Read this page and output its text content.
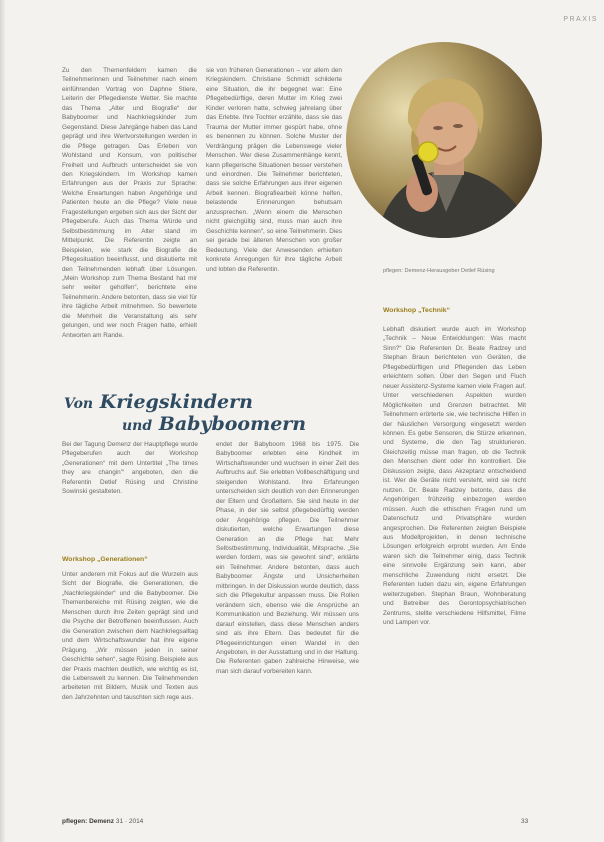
PRAXIS

Zu den Themenfeldern kamen die Teilnehmerinnen und Teilnehmer nach einem einführenden Vortrag von Daphne Stiere, Leiterin der Pflegedienste Wetter. Sie machte das Thema „Alter und Biografie“ der Babyboomer und Nachkriegskinder zum Gegenstand. Diese Jahrgänge haben das Land geprägt und ihre Wertvorstellungen werden in die Pflege getragen. Das Erleben von Wohlstand und Konsum, von politischer Freiheit und Aufbruch unterscheidet sie von den Kriegskindern. Im Workshop kamen Erfahrungen aus der Praxis zur Sprache: Welche Erwartungen haben Angehörige und Patienten heute an die Pflege? Viele neue Fragestellungen ergeben sich aus der Sicht der Pflegeberufe. Auch das Thema Würde und Selbstbestimmung im Alter stand im Mittelpunkt. Die Referentin zeigte an Beispielen, wie stark die Biografie die Pflegesituation beeinflusst, und diskutierte mit den Teilnehmenden lebhaft über Lösungen. „Mein Workshop zum Thema Bestand hat mir sehr weiter geholfen“, berichtete eine Teilnehmerin. Andere betonten, dass sie viel für ihre tägliche Arbeit mitnehmen. So bewertete die Mehrheit die Veranstaltung als sehr gelungen, und wer noch Fragen hatte, erhielt Antworten am Rande.

sie von früheren Generationen – vor allem den Kriegskindern. Christiane Schmidt schilderte eine Situation, die ihr begegnet war: Eine Pflegebedürftige, deren Mutter im Krieg zwei Kinder verloren hatte, schwieg jahrelang über das Erlebte. Ihre Tochter erzählte, dass sie das Trauma der Mutter immer gespürt habe, ohne es benennen zu können. Solche Muster der Verdrängung prägen die Lebenswege vieler Menschen. Wer diese Zusammenhänge kennt, kann pflegerische Situationen besser verstehen und einordnen. Die Teilnehmer berichteten, dass sie solche Erfahrungen aus ihrer eigenen Arbeit kennen. Biografiearbeit könne helfen, belastende Erinnerungen behutsam anzusprechen. „Wenn einem die Menschen nicht gleichgültig sind, muss man auch ihre Geschichte kennen“, so eine Teilnehmerin. Dies sei gerade bei älteren Menschen von großer Bedeutung. Viele der Anwesenden erhielten konkrete Anregungen für ihre tägliche Arbeit und lobten die Referentin.	pflegen: Demenz-Herausgeber Detlef Rüsing

Workshop „Technik“

Lebhaft diskutiert wurde auch im Workshop „Technik – Neue Entwicklungen: Was macht Sinn?“ Die Referenten Dr. Beate Radzey und Stephan Braun berichteten von Geräten, die Pflegebedürftigen und Pflegenden das Leben erleichtern sollen. Über den Segen und Fluch neuer Assistenz-Systeme kamen viele Fragen auf. Unter verschiedenen Aspekten wurden Möglichkeiten und Grenzen betrachtet. Mit Teilnehmern erörterte sie, wie technische Hilfen in der häuslichen Versorgung eingesetzt werden können. Es gebe Sensoren, die Stürze erkennen, und Systeme, die den Tag strukturieren. Gleichzeitig müsse man fragen, ob die Technik den Menschen dient oder ihn kontrolliert. Die Diskussion zeigte, dass Akzeptanz entscheidend ist. Wer die Geräte nicht versteht, wird sie nicht nutzen. Dr. Beate Radzey betonte, dass die Angehörigen frühzeitig einbezogen werden müssen. Auch die ethischen Fragen rund um Datenschutz und Privatsphäre wurden angesprochen. Die Referenten zeigten Beispiele aus Modellprojekten, in denen technische Lösungen erfolgreich erprobt wurden. Am Ende waren sich die Teilnehmer einig, dass Technik eine sinnvolle Ergänzung sein kann, aber menschliche Zuwendung nicht ersetzt. Die Referenten luden dazu ein, eigene Erfahrungen weiterzugeben. Stephan Braun, Wohnberatung und Betreiber des Gerontopsychiatrischen Zentrums, stellte verschiedene Hilfsmittel, Filme und Lampen vor.

Von Kriegskindern
und Babyboomern

Bei der Tagung Demenz der Hauptpflege wurde Pflegeberufen auch der Workshop „Generationen“ mit dem Untertitel „The times they are changin’“ angeboten, den die Referentin Detlef Rüsing und Christine Sowinski gestalteten.

Workshop „Generationen“

Unter anderem mit Fokus auf die Wurzeln aus Sicht der Biografie, die Generationen, die „Nachkriegskinder“ und die Babyboomer. Die Themenbereiche mit Rüsing zeigten, wie die Menschen durch ihre Zeiten geprägt sind und die Psyche der Betroffenen beeinflussen. Auch die Generation zwischen dem Nachkriegsalltag und dem Wirtschaftswunder hat ihre eigene Prägung. „Wir müssen jeden in seiner Geschichte sehen“, sagte Rüsing. Beispiele aus der Praxis machten deutlich, wie wichtig es ist, die Lebenswelt zu kennen. Die Teilnehmenden arbeiteten mit Bildern, Musik und Texten aus den Jahrzehnten und tauschten sich rege aus.

endet der Babyboom 1968 bis 1975. Die Babyboomer erlebten eine Kindheit im Wirtschaftswunder und wuchsen in einer Zeit des Aufbruchs auf. Sie erlebten Vollbeschäftigung und steigenden Wohlstand. Ihre Erfahrungen unterscheiden sich deutlich von den Erinnerungen der Eltern und Großeltern. Sie sind heute in der Phase, in der sie selbst pflegebedürftig werden oder Angehörige pflegen. Die Teilnehmer diskutierten, welche Erwartungen diese Generation an die Pflege hat: Mehr Selbstbestimmung, Individualität, Mitsprache. „Sie werden fordern, was sie gewohnt sind“, erklärte ein Teilnehmer. Andere betonten, dass auch Babyboomer Ängste und Unsicherheiten mitbringen. In der Diskussion wurde deutlich, dass sich die Pflegekultur anpassen muss. Die Rollen verändern sich, ebenso wie die Ansprüche an Kommunikation und Beziehung. Wir müssen uns darauf einstellen, dass diese Menschen anders sind als ihre Eltern. Das bedeutet für die Pflegeeinrichtungen einen Wandel in den Angeboten, in der Ausstattung und in der Haltung. Die Referenten gaben zahlreiche Hinweise, wie man sich darauf vorbereiten kann.

pflegen: Demenz 31 · 2014	33
